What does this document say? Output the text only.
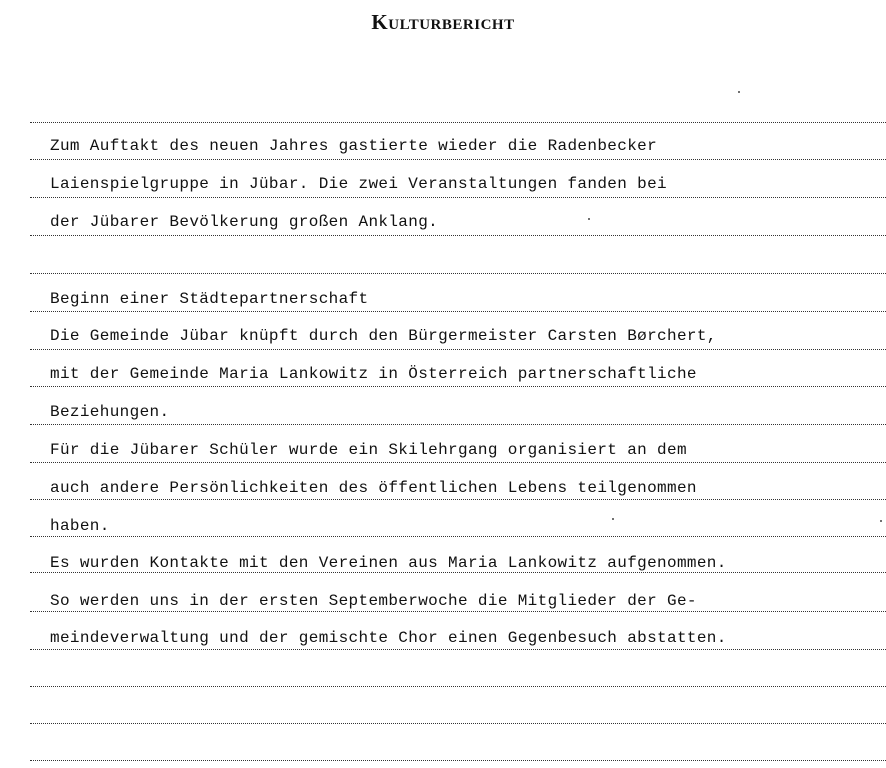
Kulturbericht
Zum Auftakt des neuen Jahres gastierte wieder die Radenbecker
Laienspielgruppe in Jübar. Die zwei Veranstaltungen fanden bei
der Jübarer Bevölkerung großen Anklang.
Beginn einer Städtepartnerschaft
Die Gemeinde Jübar knüpft durch den Bürgermeister Carsten Børchert,
mit der Gemeinde Maria Lankowitz in Österreich partnerschaftliche
Beziehungen.
Für die Jübarer Schüler wurde ein Skilehrgang organisiert an dem
auch andere Persönlichkeiten des öffentlichen Lebens teilgenommen
haben.
Es wurden Kontakte mit den Vereinen aus Maria Lankowitz aufgenommen.
So werden uns in der ersten Septemberwoche die Mitglieder der Ge-
meindeverwaltung und der gemischte Chor einen Gegenbesuch abstatten.
